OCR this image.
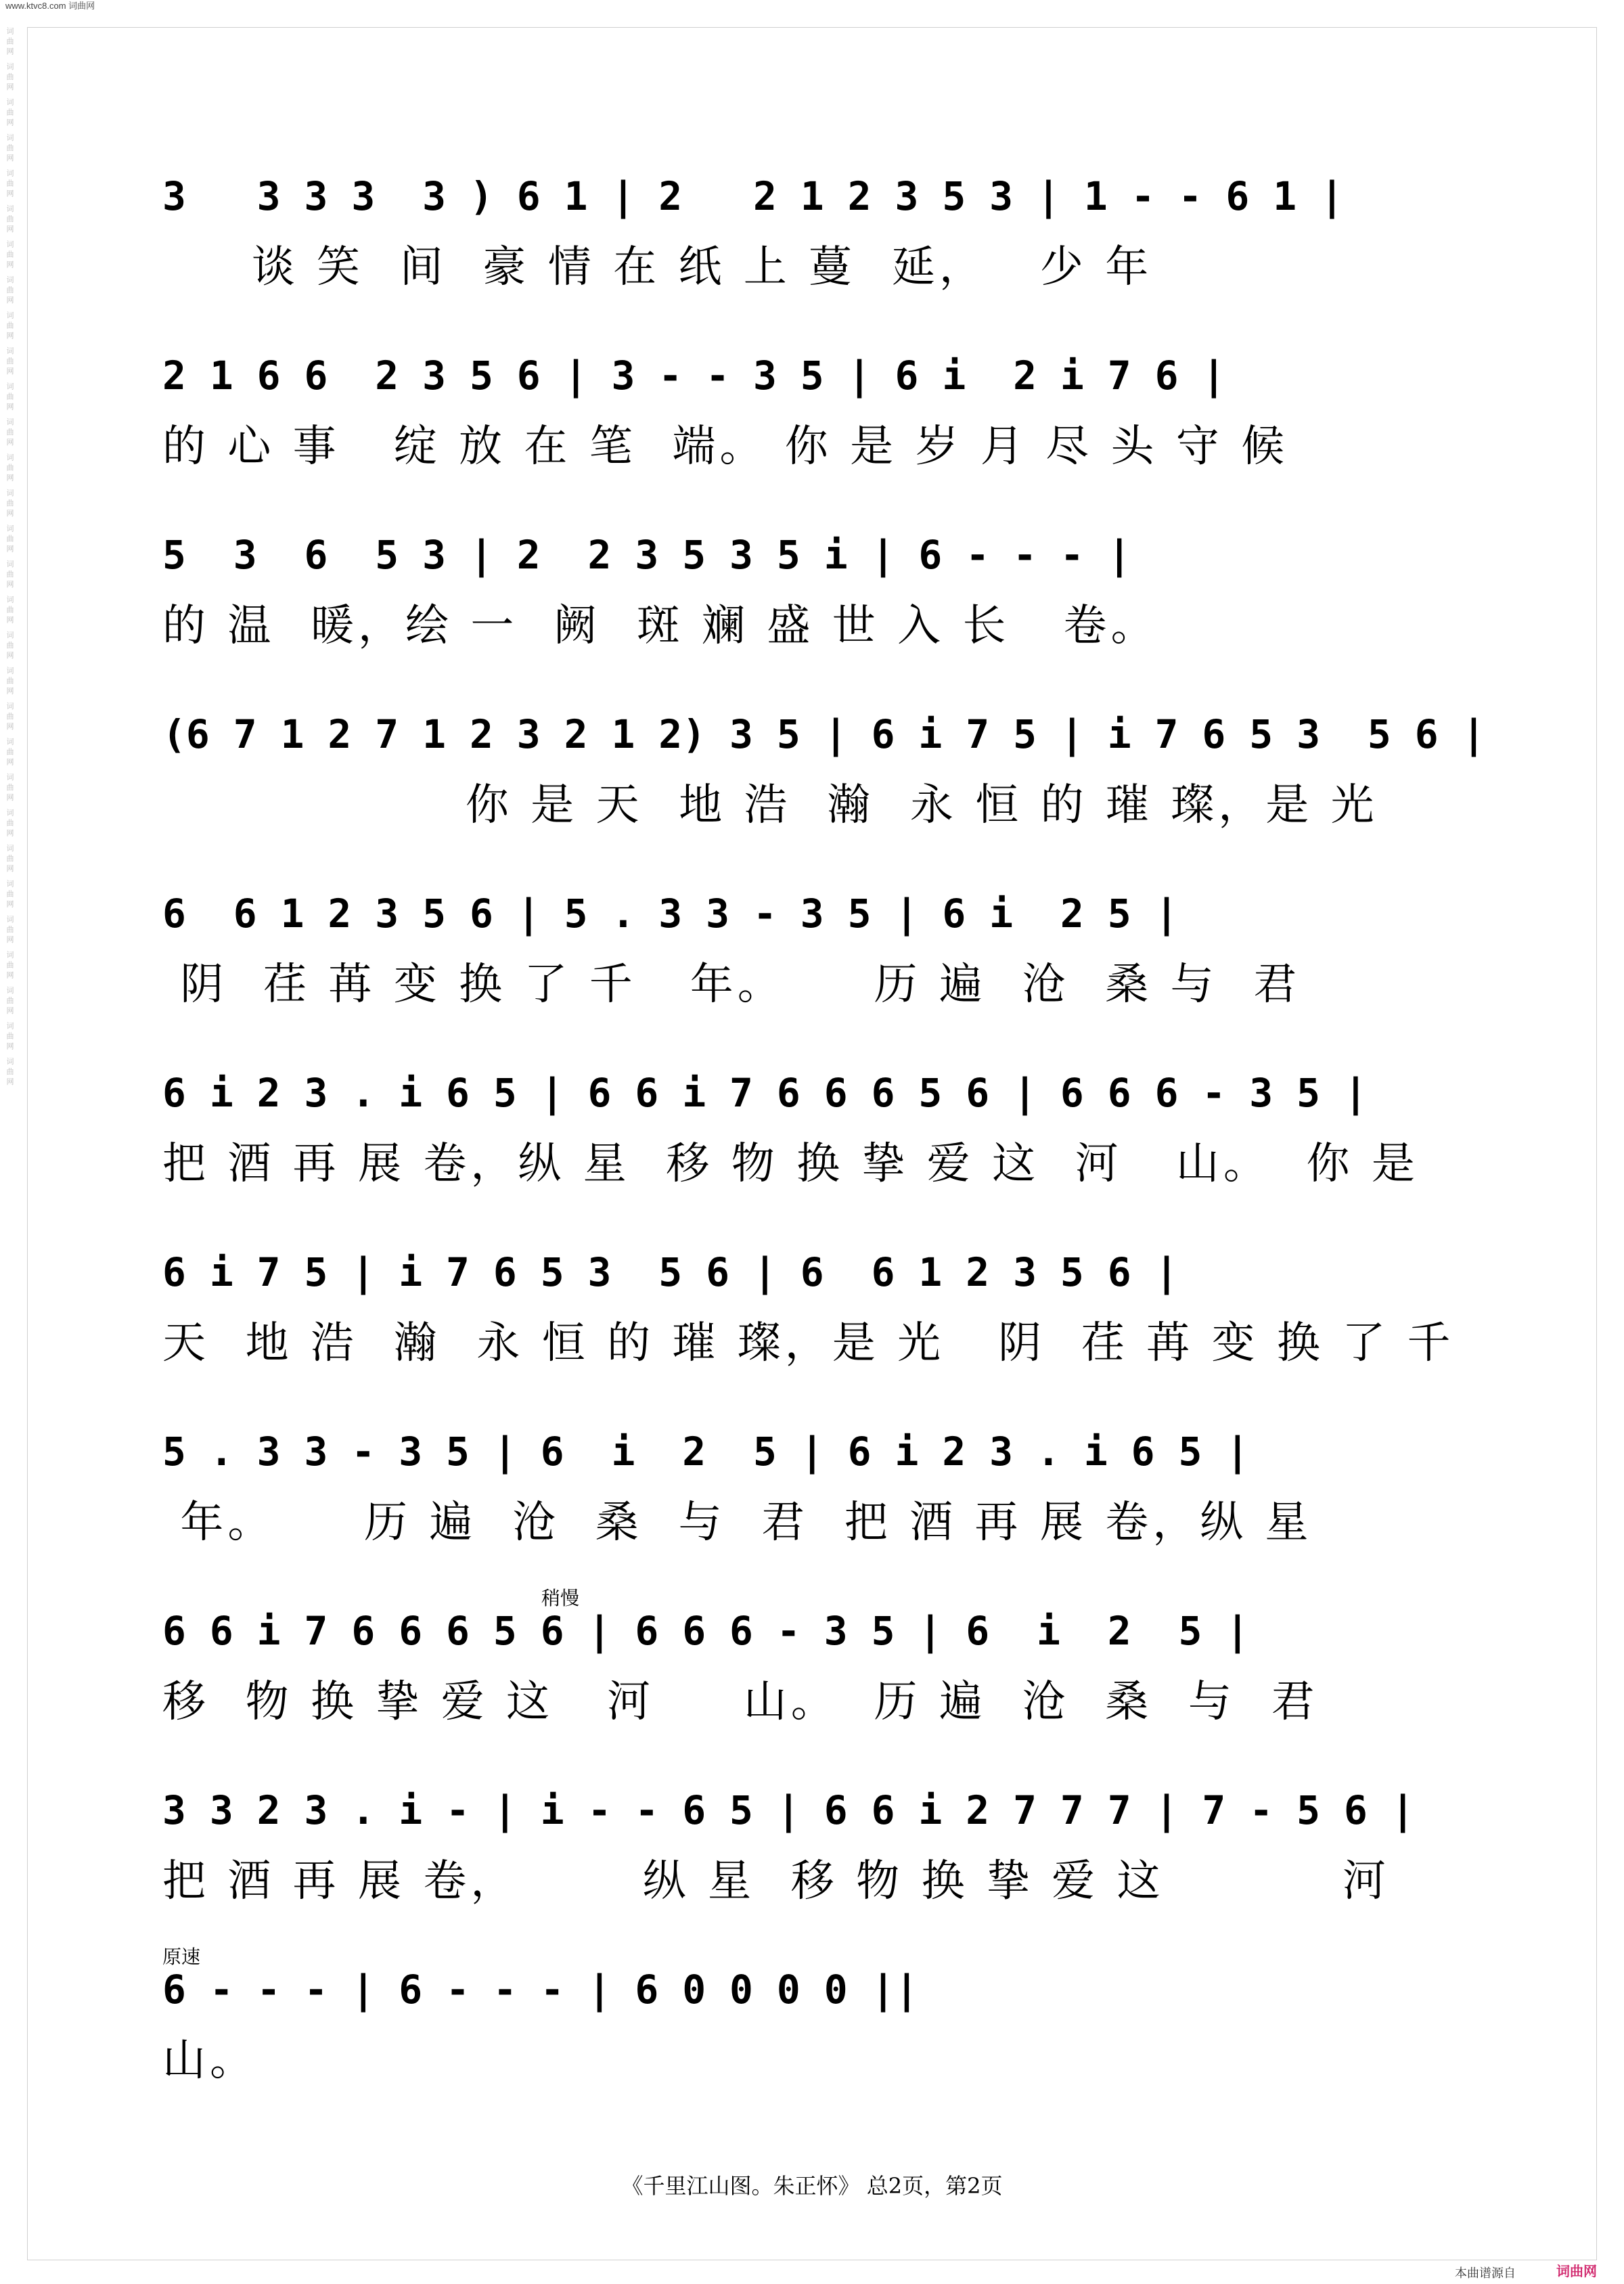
www.ktvc8.com 词曲网
词曲网 词曲网 词曲网 词曲网 词曲网 词曲网 词曲网 词曲网 词曲网 词曲网 词曲网 词曲网 词曲网 词曲网 词曲网 词曲网 词曲网 词曲网 词曲网 词曲网 词曲网 词曲网 词曲网 词曲网 词曲网 词曲网 词曲网 词曲网 词曲网 词曲网	3   3 3 3  3 ) 6 1 | 2   2 1 2 3 5 3 | 1 - - 6 1 |
谈 笑  间  豪 情 在 纸 上 蔓  延，   少 年
2 1 6 6  2 3 5 6 | 3 - - 3 5 | 6 i  2 i 7 6 |
的 心 事   绽 放 在 笔  端。 你 是 岁 月 尽 头 守 候
5  3  6  5 3 | 2  2 3 5 3 5 i | 6 - - - |
的 温  暖，绘 一  阙  斑 斓 盛 世 入 长   卷。
(6 7 1 2 7 1 2 3 2 1 2) 3 5 | 6 i 7 5 | i 7 6 5 3  5 6 |
你 是 天  地 浩  瀚  永 恒 的 璀 璨，是 光
6  6 1 2 3 5 6 | 5 . 3 3 - 3 5 | 6 i  2 5 |
阴  荏 苒 变 换 了 千   年。     历 遍  沧  桑 与  君
6 i 2 3 . i 6 5 | 6 6 i 7 6 6 6 5 6 | 6 6 6 - 3 5 |
把 酒 再 展 卷，纵 星  移 物 换 挚 爱 这  河   山。  你 是
6 i 7 5 | i 7 6 5 3  5 6 | 6  6 1 2 3 5 6 |
天  地 浩  瀚  永 恒 的 璀 璨，是 光   阴  荏 苒 变 换 了 千
5 . 3 3 - 3 5 | 6  i  2  5 | 6 i 2 3 . i 6 5 |
年。     历 遍  沧  桑  与  君  把 酒 再 展 卷，纵 星
稍慢
6 6 i 7 6 6 6 5 6 | 6 6 6 - 3 5 | 6  i  2  5 |
移  物 换 挚 爱 这   河     山。  历 遍  沧  桑  与  君
3 3 2 3 . i - | i - - 6 5 | 6 6 i 2 7 7 7 | 7 - 5 6 |
把 酒 再 展 卷，       纵 星  移 物 换 挚 爱 这          河
原速
6 - - - | 6 - - - | 6 0 0 0 0 ||
山。
《千里江山图。朱正怀》 总2页，第2页
本曲谱源自	词曲网
